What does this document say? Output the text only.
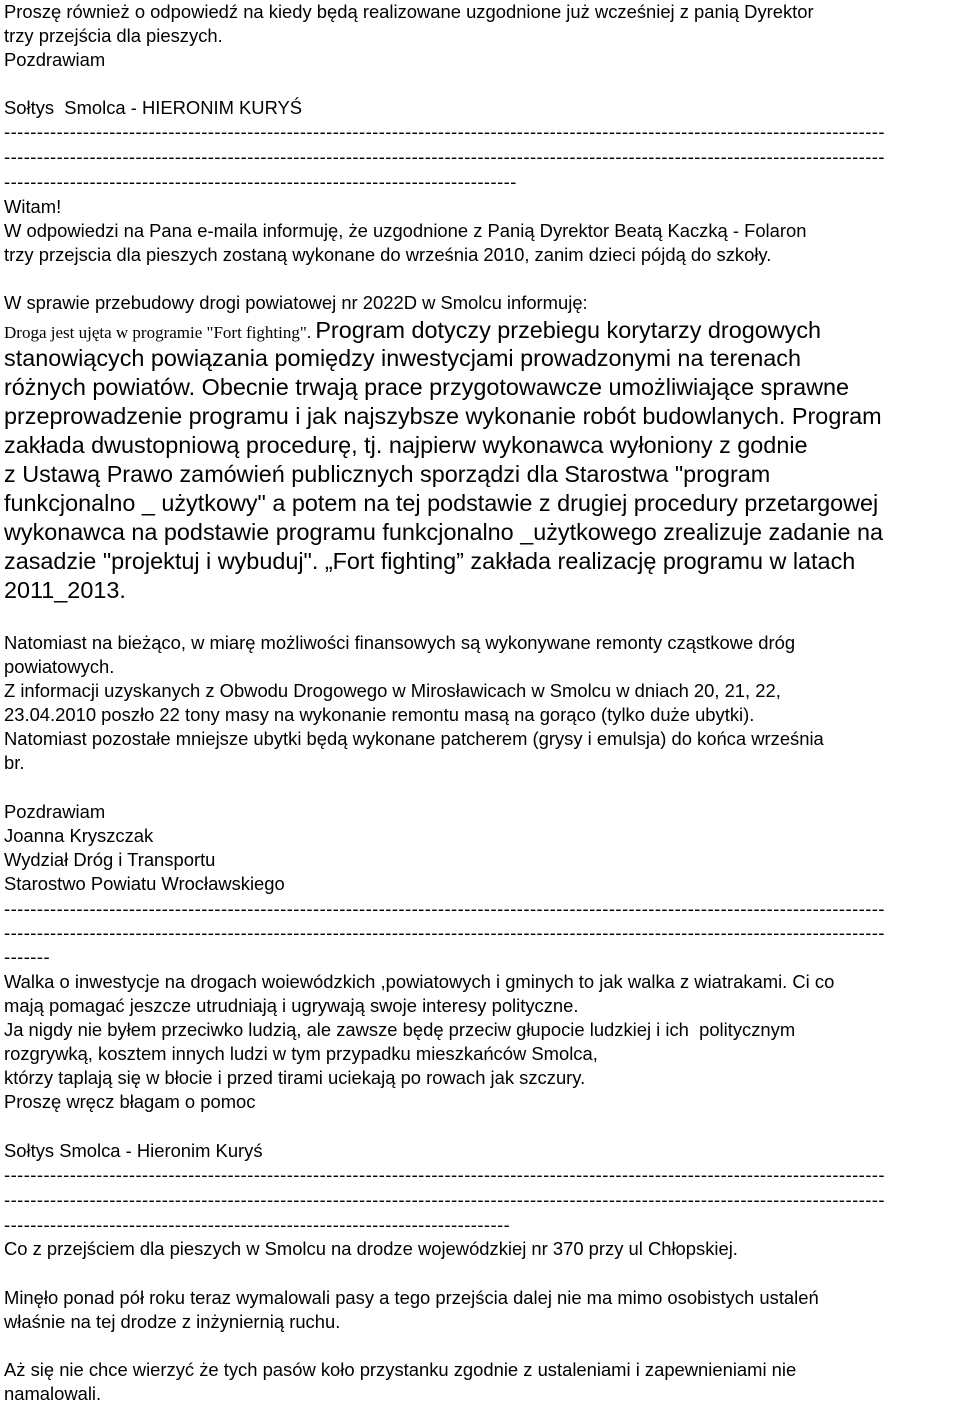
Proszę również o odpowiedź na kiedy będą realizowane uzgodnione już wcześniej z panią Dyrektor
trzy przejścia dla pieszych.
Pozdrawiam
Sołtys  Smolca - HIERONIM KURYŚ
--------------------------------------------------------------------------------------------------------------------------------------
--------------------------------------------------------------------------------------------------------------------------------------
------------------------------------------------------------------------------
Witam!
W odpowiedzi na Pana e-maila informuję, że uzgodnione z Panią Dyrektor Beatą Kaczką - Folaron
trzy przejscia dla pieszych zostaną wykonane do września 2010, zanim dzieci pójdą do szkoły.
W sprawie przebudowy drogi powiatowej nr 2022D w Smolcu informuję:
Droga jest ujęta w programie "Fort fighting". Program dotyczy przebiegu korytarzy drogowych
stanowiących powiązania pomiędzy inwestycjami prowadzonymi na terenach
różnych powiatów. Obecnie trwają prace przygotowawcze umożliwiające sprawne
przeprowadzenie programu i jak najszybsze wykonanie robót budowlanych. Program
zakłada dwustopniową procedurę, tj. najpierw wykonawca wyłoniony z godnie
z Ustawą Prawo zamówień publicznych sporządzi dla Starostwa "program
funkcjonalno _ użytkowy" a potem na tej podstawie z drugiej procedury przetargowej
wykonawca na podstawie programu funkcjonalno _użytkowego zrealizuje zadanie na
zasadzie "projektuj i wybuduj". „Fort fighting” zakłada realizację programu w latach
2011_2013.
Natomiast na bieżąco, w miarę możliwości finansowych są wykonywane remonty cząstkowe dróg
powiatowych.
Z informacji uzyskanych z Obwodu Drogowego w Mirosławicach w Smolcu w dniach 20, 21, 22,
23.04.2010 poszło 22 tony masy na wykonanie remontu masą na gorąco (tylko duże ubytki).
Natomiast pozostałe mniejsze ubytki będą wykonane patcherem (grysy i emulsja) do końca września
br.
Pozdrawiam
Joanna Kryszczak
Wydział Dróg i Transportu
Starostwo Powiatu Wrocławskiego
--------------------------------------------------------------------------------------------------------------------------------------
--------------------------------------------------------------------------------------------------------------------------------------
-------
Walka o inwestycje na drogach woiewódzkich ,powiatowych i gminych to jak walka z wiatrakami. Ci co
mają pomagać jeszcze utrudniają i ugrywają swoje interesy polityczne.
Ja nigdy nie byłem przeciwko ludzią, ale zawsze będę przeciw głupocie ludzkiej i ich  politycznym
rozgrywką, kosztem innych ludzi w tym przypadku mieszkańców Smolca,
którzy taplają się w błocie i przed tirami uciekają po rowach jak szczury.
Proszę wręcz błagam o pomoc
Sołtys Smolca - Hieronim Kuryś
--------------------------------------------------------------------------------------------------------------------------------------
--------------------------------------------------------------------------------------------------------------------------------------
-----------------------------------------------------------------------------
Co z przejściem dla pieszych w Smolcu na drodze wojewódzkiej nr 370 przy ul Chłopskiej.
Minęło ponad pół roku teraz wymalowali pasy a tego przejścia dalej nie ma mimo osobistych ustaleń
właśnie na tej drodze z inżyniernią ruchu.
Aż się nie chce wierzyć że tych pasów koło przystanku zgodnie z ustaleniami i zapewnieniami nie
namalowali.
